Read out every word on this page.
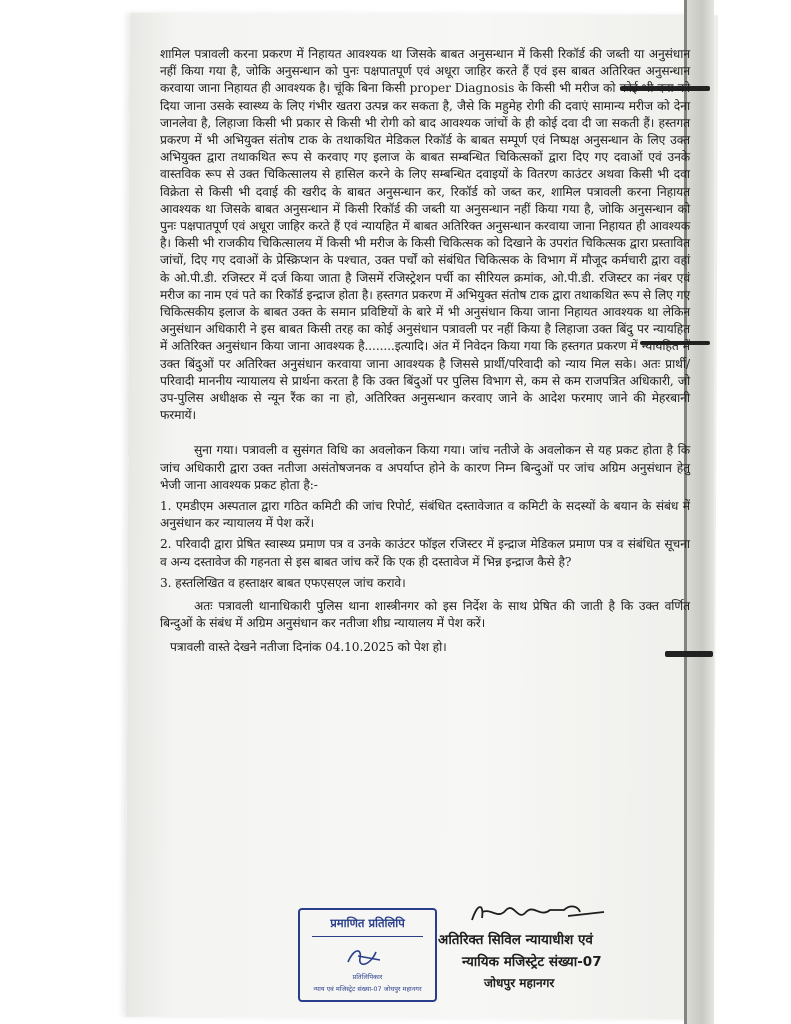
शामिल पत्रावली करना प्रकरण में निहायत आवश्यक था जिसके बाबत अनुसन्धान में किसी रिकॉर्ड की जब्ती या अनुसंधान नहीं किया गया है, जोकि अनुसन्धान को पुनः पक्षपातपूर्ण एवं अधूरा जाहिर करते हैं एवं इस बाबत अतिरिक्त अनुसन्धान करवाया जाना निहायत ही आवश्यक है। चूंकि बिना किसी proper Diagnosis के किसी भी मरीज को कोई भी दवा को दिया जाना उसके स्वास्थ्य के लिए गंभीर खतरा उत्पन्न कर सकता है, जैसे कि महुमेह रोगी की दवाएं सामान्य मरीज को देना जानलेवा है, लिहाजा किसी भी प्रकार से किसी भी रोगी को बाद आवश्यक जांचों के ही कोई दवा दी जा सकती हैं। हस्तगत प्रकरण में भी अभियुक्त संतोष टाक के तथाकथित मेडिकल रिकॉर्ड के बाबत सम्पूर्ण एवं निष्पक्ष अनुसन्धान के लिए उक्त अभियुक्त द्वारा तथाकथित रूप से करवाए गए इलाज के बाबत सम्बन्धित चिकित्सकों द्वारा दिए गए दवाओं एवं उनके वास्तविक रूप से उक्त चिकित्सालय से हासिल करने के लिए सम्बन्धित दवाइयों के वितरण काउंटर अथवा किसी भी दवा विक्रेता से किसी भी दवाई की खरीद के बाबत अनुसन्धान कर, रिकॉर्ड को जब्त कर, शामिल पत्रावली करना निहायत आवश्यक था जिसके बाबत अनुसन्धान में किसी रिकॉर्ड की जब्ती या अनुसन्धान नहीं किया गया है, जोकि अनुसन्धान को पुनः पक्षपातपूर्ण एवं अधूरा जाहिर करते हैं एवं न्यायहित में बाबत अतिरिक्त अनुसन्धान करवाया जाना निहायत ही आवश्यक है। किसी भी राजकीय चिकित्सालय में किसी भी मरीज के किसी चिकित्सक को दिखाने के उपरांत चिकित्सक द्वारा प्रस्तावित जांचों, दिए गए दवाओं के प्रेस्क्रिप्शन के पश्चात, उक्त पर्चों को संबंधित चिकित्सक के विभाग में मौजूद कर्मचारी द्वारा वहां के ओ.पी.डी. रजिस्टर में दर्ज किया जाता है जिसमें रजिस्ट्रेशन पर्ची का सीरियल क्रमांक, ओ.पी.डी. रजिस्टर का नंबर एवं मरीज का नाम एवं पते का रिकॉर्ड इन्द्राज होता है। हस्तगत प्रकरण में अभियुक्त संतोष टाक द्वारा तथाकथित रूप से लिए गए चिकित्सकीय इलाज के बाबत उक्त के समान प्रविष्टियों के बारे में भी अनुसंधान किया जाना निहायत आवश्यक था लेकिन अनुसंधान अधिकारी ने इस बाबत किसी तरह का कोई अनुसंधान पत्रावली पर नहीं किया है लिहाजा उक्त बिंदु पर न्यायहित में अतिरिक्त अनुसंधान किया जाना आवश्यक है........इत्यादि। अंत में निवेदन किया गया कि हस्तगत प्रकरण में न्यायहित में उक्त बिंदुओं पर अतिरिक्त अनुसंधान करवाया जाना आवश्यक है जिससे प्रार्थी/परिवादी को न्याय मिल सके। अतः प्रार्थी/परिवादी माननीय न्यायालय से प्रार्थना करता है कि उक्त बिंदुओं पर पुलिस विभाग से, कम से कम राजपत्रित अधिकारी, जो उप-पुलिस अधीक्षक से न्यून रैंक का ना हो, अतिरिक्त अनुसन्धान करवाए जाने के आदेश फरमाए जाने की मेहरबानी फरमायें।

सुना गया। पत्रावली व सुसंगत विधि का अवलोकन किया गया। जांच नतीजे के अवलोकन से यह प्रकट होता है कि जांच अधिकारी द्वारा उक्त नतीजा असंतोषजनक व अपर्याप्त होने के कारण निम्न बिन्दुओं पर जांच अग्रिम अनुसंधान हेतु भेजी जाना आवश्यक प्रकट होता है:-

1. एमडीएम अस्पताल द्वारा गठित कमिटी की जांच रिपोर्ट, संबंधित दस्तावेजात व कमिटी के सदस्यों के बयान के संबंध में अनुसंधान कर न्यायालय में पेश करें।

2. परिवादी द्वारा प्रेषित स्वास्थ्य प्रमाण पत्र व उनके काउंटर फॉइल रजिस्टर में इन्द्राज मेडिकल प्रमाण पत्र व संबंधित सूचना व अन्य दस्तावेज की गहनता से इस बाबत जांच करें कि एक ही दस्तावेज में भिन्न इन्द्राज कैसे है?

3. हस्तलिखित व हस्ताक्षर बाबत एफएसएल जांच करावे।

अतः पत्रावली थानाधिकारी पुलिस थाना शास्त्रीनगर को इस निर्देश के साथ प्रेषित की जाती है कि उक्त वर्णित बिन्दुओं के संबंध में अग्रिम अनुसंधान कर नतीजा शीघ्र न्यायालय में पेश करें।

पत्रावली वास्ते देखने नतीजा दिनांक 04.10.2025 को पेश हो।

प्रमाणित प्रतिलिपि
प्रतिलिपिकार
न्याय एवं मजिस्ट्रेट संख्या-07 जोधपुर महानगर
अतिरिक्त सिविल न्यायाधीश एवं
न्यायिक मजिस्ट्रेट संख्या-07
जोधपुर महानगर
